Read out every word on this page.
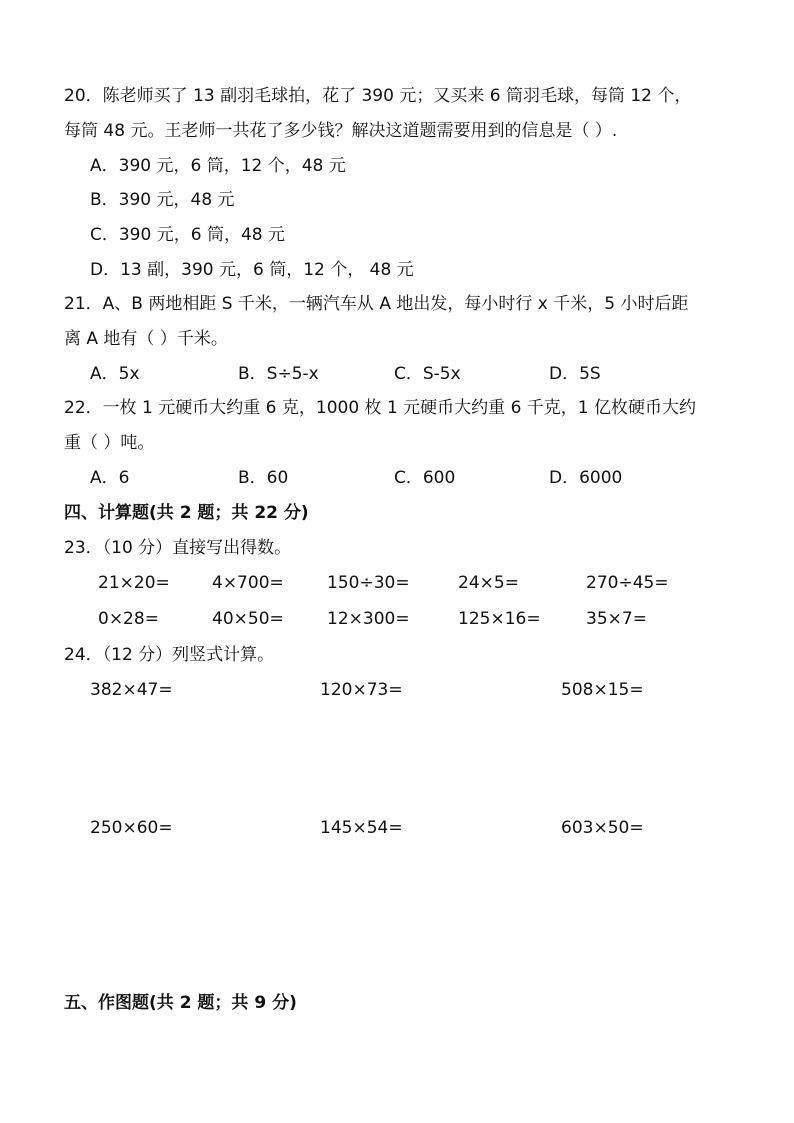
20．陈老师买了 13 副羽毛球拍，花了 390 元；又买来 6 筒羽毛球，每筒 12 个，
每筒 48 元。王老师一共花了多少钱？解决这道题需要用到的信息是（ ）.
A．390 元，6 筒，12 个，48 元
B．390 元，48 元
C．390 元，6 筒，48 元
D．13 副，390 元，6 筒，12 个， 48 元
21．A、B 两地相距 S 千米，一辆汽车从 A 地出发，每小时行 x 千米，5 小时后距
离 A 地有（ ）千米。
A．5x	B．S÷5-x	C．S-5x	D．5S
22．一枚 1 元硬币大约重 6 克，1000 枚 1 元硬币大约重 6 千克，1 亿枚硬币大约
重（ ）吨。
A．6	B．60	C．600	D．6000
四、计算题(共 2 题；共 22 分)
23．（10 分）直接写出得数。
21×20= 4×700=	150÷30=	24×5=	270÷45=
0×28=	40×50=	12×300=	125×16=	35×7=
24．（12 分）列竖式计算。
382×47=	120×73=	508×15=
250×60=	145×54=	603×50=
五、作图题(共 2 题；共 9 分)
